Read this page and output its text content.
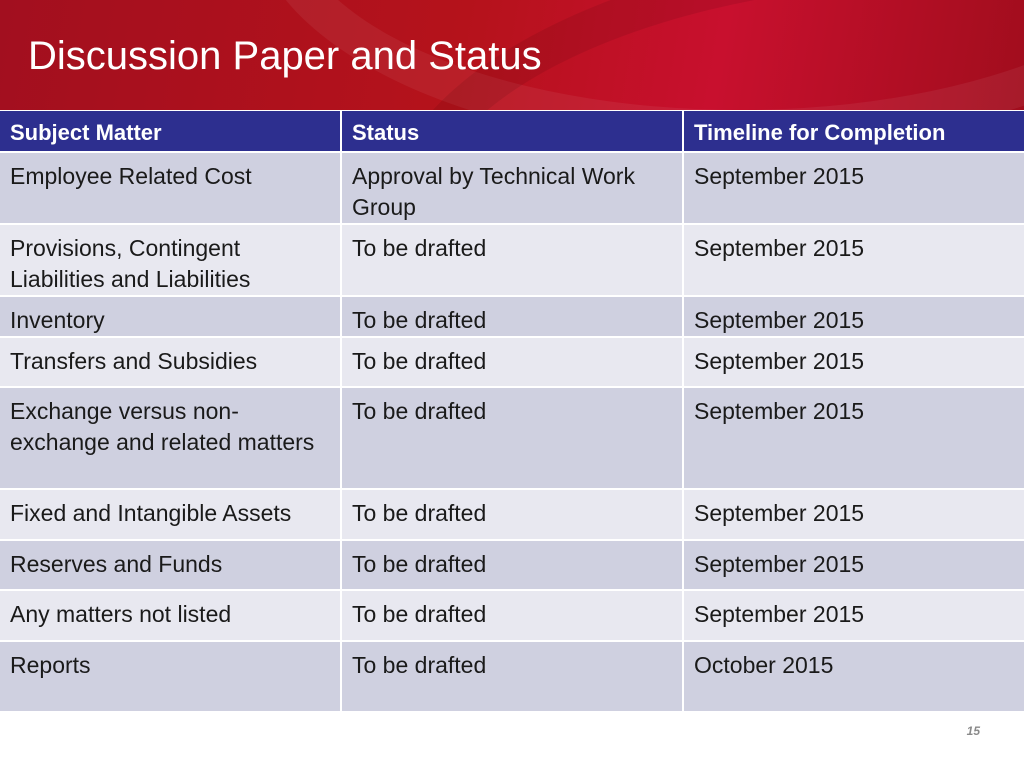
Discussion Paper and Status
Subject Matter	Status	Timeline for Completion
Employee Related Cost	Approval by Technical Work Group	September 2015
Provisions, Contingent Liabilities and Liabilities	To be drafted	September 2015
Inventory	To be drafted	September 2015
Transfers and Subsidies	To be drafted	September 2015
Exchange versus non-exchange and related matters	To be drafted	September 2015
Fixed and Intangible Assets	To be drafted	September 2015
Reserves and Funds	To be drafted	September 2015
Any matters not listed	To be drafted	September 2015
Reports	To be drafted	October 2015
15
